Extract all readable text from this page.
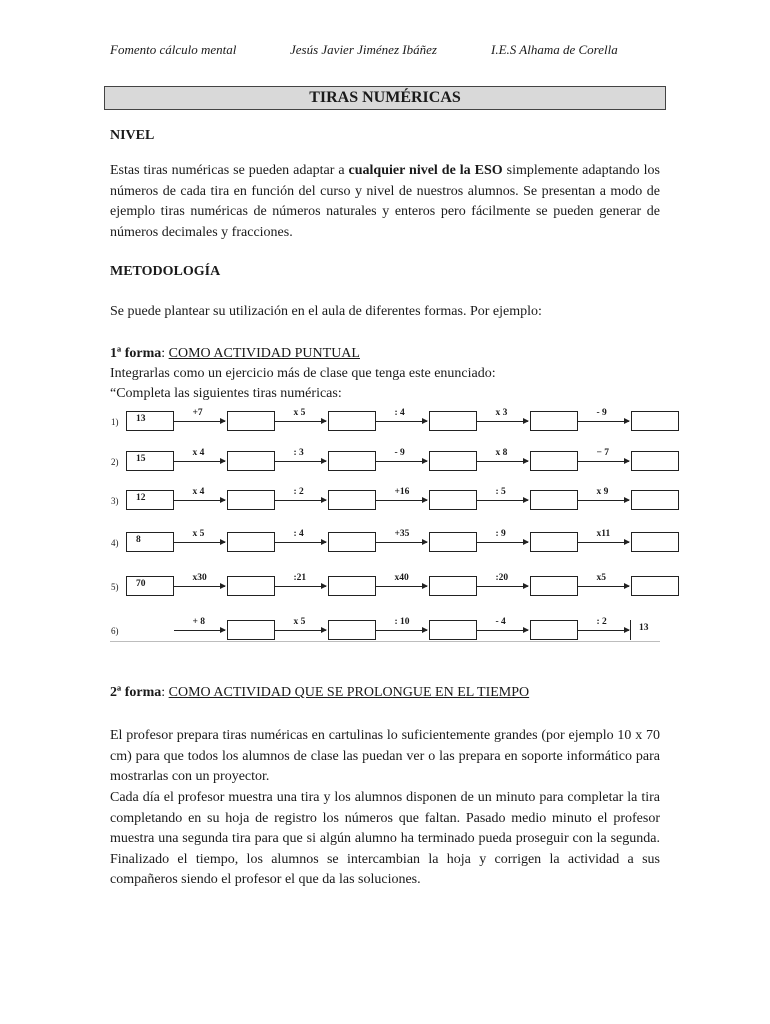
Fomento cálculo mental	Jesús Javier Jiménez Ibáñez	I.E.S Alhama de Corella
TIRAS NUMÉRICAS
NIVEL
Estas tiras numéricas se pueden adaptar a cualquier nivel de la ESO simplemente adaptando los números de cada tira en función del curso y nivel de nuestros alumnos. Se presentan a modo de ejemplo tiras numéricas de números naturales y enteros pero fácilmente se pueden generar de números decimales y fracciones.
METODOLOGÍA
Se puede plantear su utilización en el aula de diferentes formas. Por ejemplo:
1ª forma: COMO ACTIVIDAD PUNTUAL
Integrarlas como un ejercicio más de clase que tenga este enunciado:
“Completa las siguientes tiras numéricas:
1) 13
+7	x 5	: 4	x 3	- 9
2) 15
x 4	: 3	- 9	x 8	− 7
3) 12
x 4	: 2	+16	: 5	x 9
4) 8
x 5	: 4	+35	: 9	x11
5) 70
x30	:21	x40	:20	x5
6)
+ 8	x 5	: 10	- 4	: 2
13
2ª forma: COMO ACTIVIDAD QUE SE PROLONGUE EN EL TIEMPO
El profesor prepara tiras numéricas en cartulinas lo suficientemente grandes (por ejemplo 10 x 70 cm) para que todos los alumnos de clase las puedan ver o las prepara en soporte informático para mostrarlas con un proyector.
Cada día el profesor muestra una tira y los alumnos disponen de un minuto para completar la tira completando en su hoja de registro los números que faltan. Pasado medio minuto el profesor muestra una segunda tira para que si algún alumno ha terminado pueda proseguir con la segunda. Finalizado el tiempo, los alumnos se intercambian la hoja y corrigen la actividad a sus compañeros siendo el profesor el que da las soluciones.
